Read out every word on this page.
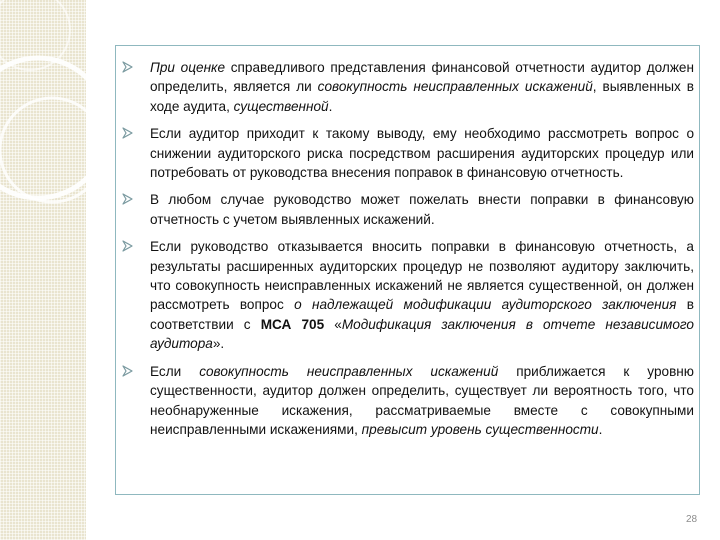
При оценке справедливого представления финансовой отчетности аудитор должен определить, является ли совокупность неисправленных искажений, выявленных в ходе аудита, существенной.
Если аудитор приходит к такому выводу, ему необходимо рассмотреть вопрос о снижении аудиторского риска посредством расширения аудиторских процедур или потребовать от руководства внесения поправок в финансовую отчетность.
В любом случае руководство может пожелать внести поправки в финансовую отчетность с учетом выявленных искажений.
Если руководство отказывается вносить поправки в финансовую отчетность, а результаты расширенных аудиторских процедур не позволяют аудитору заключить, что совокупность неисправленных искажений не является существенной, он должен рассмотреть вопрос о надлежащей модификации аудиторского заключения в соответствии с МСА 705 «Модификация заключения в отчете независимого аудитора».
Если совокупность неисправленных искажений приближается к уровню существенности, аудитор должен определить, существует ли вероятность того, что необнаруженные искажения, рассматриваемые вместе с совокупными неисправленными искажениями, превысит уровень существенности.
28
